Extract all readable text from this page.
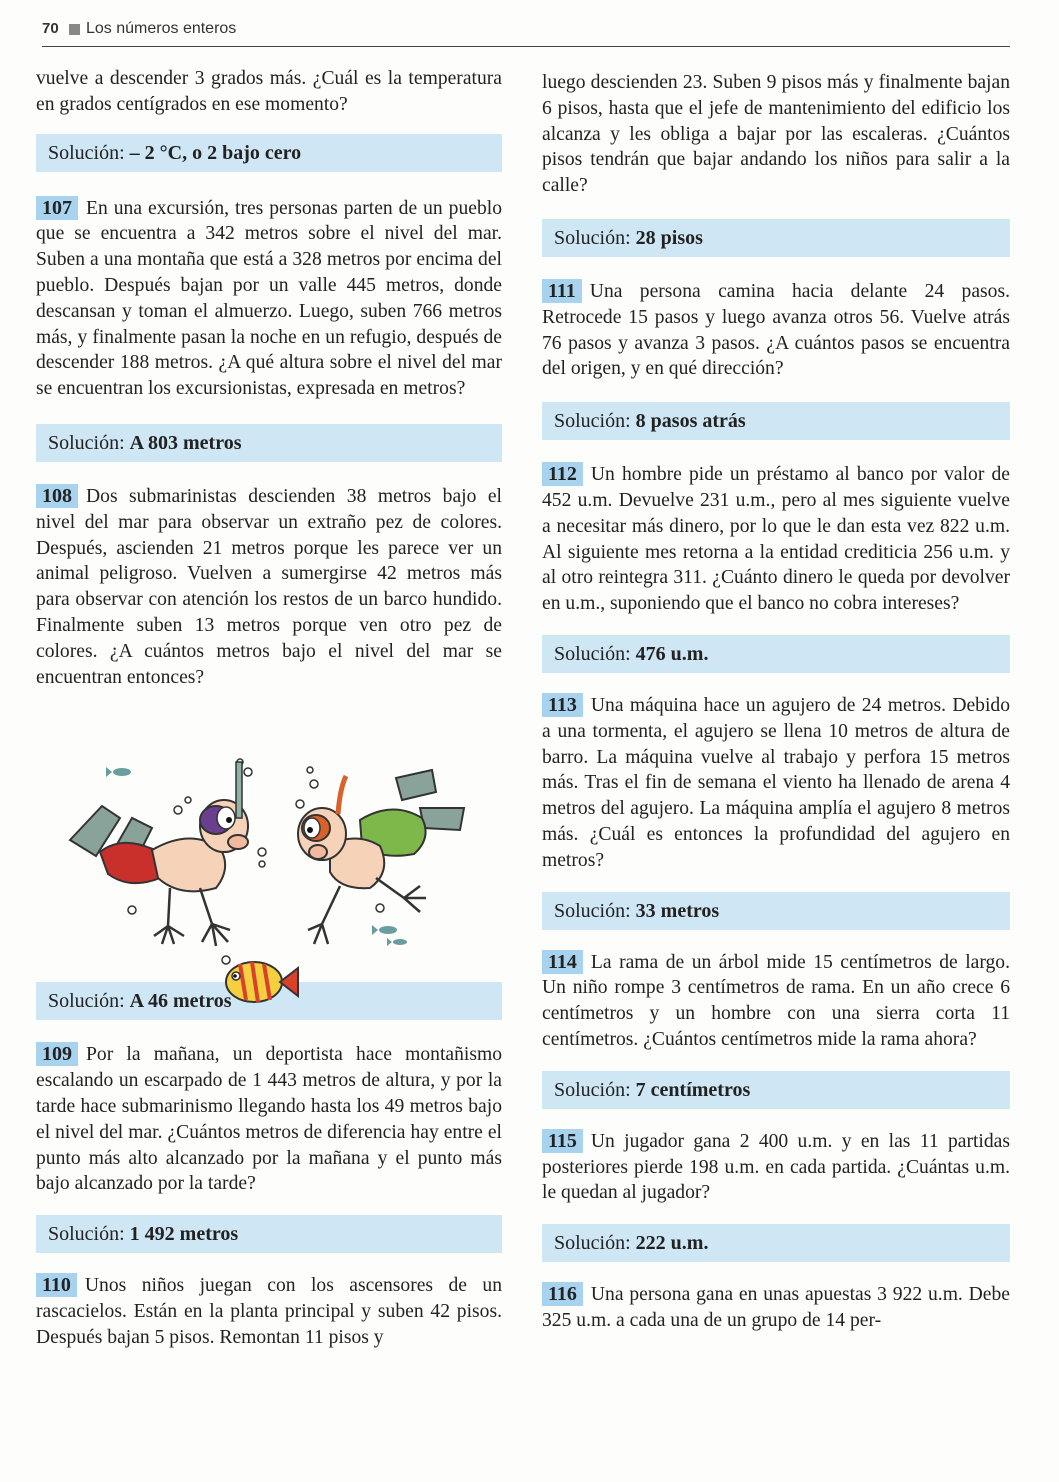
70 Los números enteros

vuelve a descender 3 grados más. ¿Cuál es la temperatura en grados centígrados en ese momento?

Solución: – 2 °C, o 2 bajo cero

107 En una excursión, tres personas parten de un pueblo que se encuentra a 342 metros sobre el nivel del mar. Suben a una montaña que está a 328 metros por encima del pueblo. Después bajan por un valle 445 metros, donde descansan y toman el almuerzo. Luego, suben 766 metros más, y finalmente pasan la noche en un refugio, después de descender 188 metros. ¿A qué altura sobre el nivel del mar se encuentran los excursionistas, expresada en metros?

Solución: A 803 metros

108 Dos submarinistas descienden 38 metros bajo el nivel del mar para observar un extraño pez de colores. Después, ascienden 21 metros porque les parece ver un animal peligroso. Vuelven a sumergirse 42 metros más para observar con atención los restos de un barco hundido. Finalmente suben 13 metros porque ven otro pez de colores. ¿A cuántos metros bajo el nivel del mar se encuentran entonces?

Solución: A 46 metros

109 Por la mañana, un deportista hace montañismo escalando un escarpado de 1 443 metros de altura, y por la tarde hace submarinismo llegando hasta los 49 metros bajo el nivel del mar. ¿Cuántos metros de diferencia hay entre el punto más alto alcanzado por la mañana y el punto más bajo alcanzado por la tarde?

Solución: 1 492 metros

110 Unos niños juegan con los ascensores de un rascacielos. Están en la planta principal y suben 42 pisos. Después bajan 5 pisos. Remontan 11 pisos y

luego descienden 23. Suben 9 pisos más y finalmente bajan 6 pisos, hasta que el jefe de mantenimiento del edificio los alcanza y les obliga a bajar por las escaleras. ¿Cuántos pisos tendrán que bajar andando los niños para salir a la calle?

Solución: 28 pisos

111 Una persona camina hacia delante 24 pasos. Retrocede 15 pasos y luego avanza otros 56. Vuelve atrás 76 pasos y avanza 3 pasos. ¿A cuántos pasos se encuentra del origen, y en qué dirección?

Solución: 8 pasos atrás

112 Un hombre pide un préstamo al banco por valor de 452 u.m. Devuelve 231 u.m., pero al mes siguiente vuelve a necesitar más dinero, por lo que le dan esta vez 822 u.m. Al siguiente mes retorna a la entidad crediticia 256 u.m. y al otro reintegra 311. ¿Cuánto dinero le queda por devolver en u.m., suponiendo que el banco no cobra intereses?

Solución: 476 u.m.

113 Una máquina hace un agujero de 24 metros. Debido a una tormenta, el agujero se llena 10 metros de altura de barro. La máquina vuelve al trabajo y perfora 15 metros más. Tras el fin de semana el viento ha llenado de arena 4 metros del agujero. La máquina amplía el agujero 8 metros más. ¿Cuál es entonces la profundidad del agujero en metros?

Solución: 33 metros

114 La rama de un árbol mide 15 centímetros de largo. Un niño rompe 3 centímetros de rama. En un año crece 6 centímetros y un hombre con una sierra corta 11 centímetros. ¿Cuántos centímetros mide la rama ahora?

Solución: 7 centímetros

115 Un jugador gana 2 400 u.m. y en las 11 partidas posteriores pierde 198 u.m. en cada partida. ¿Cuántas u.m. le quedan al jugador?

Solución: 222 u.m.

116 Una persona gana en unas apuestas 3 922 u.m. Debe 325 u.m. a cada una de un grupo de 14 per-
